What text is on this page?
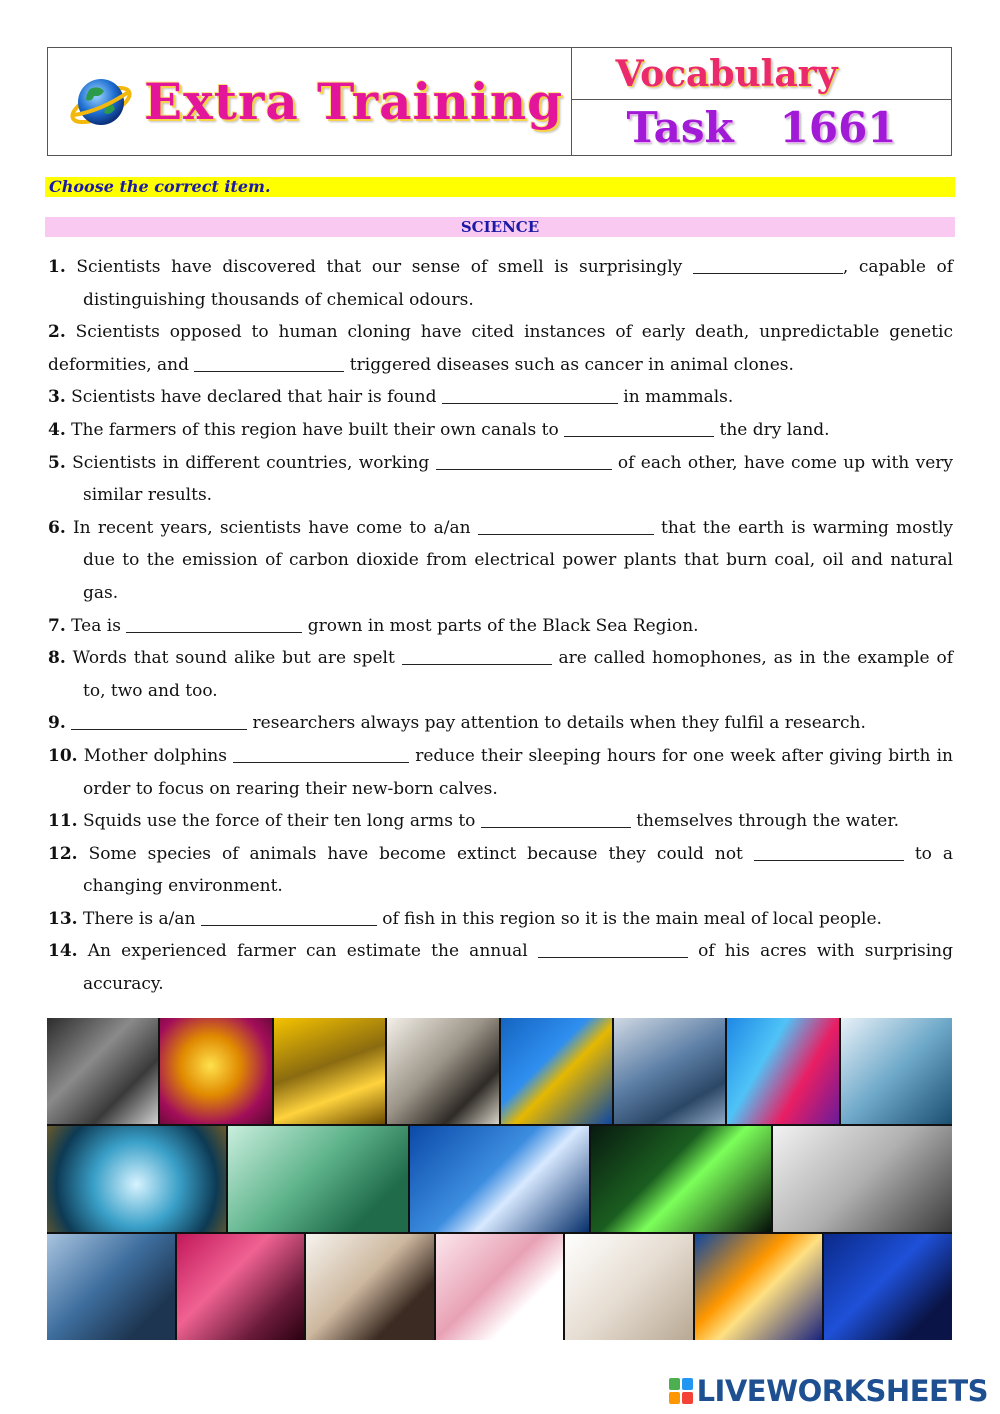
Extra Training Vocabulary
Task 1661
Choose the correct item.
SCIENCE
1. Scientists have discovered that our sense of smell is surprisingly	, capable of distinguishing thousands of chemical odours.
2. Scientists opposed to human cloning have cited instances of early death, unpredictable genetic deformities, and	triggered diseases such as cancer in animal clones.
3. Scientists have declared that hair is found	in mammals.
4. The farmers of this region have built their own canals to	the dry land.
5. Scientists in different countries, working	of each other, have come up with very similar results.
6. In recent years, scientists have come to a/an	that the earth is warming mostly due to the emission of carbon dioxide from electrical power plants that burn coal, oil and natural gas.
7. Tea is	grown in most parts of the Black Sea Region.
8. Words that sound alike but are spelt	are called homophones, as in the example of to, two and too.
9.	researchers always pay attention to details when they fulfil a research.
10. Mother dolphins	reduce their sleeping hours for one week after giving birth in order to focus on rearing their new-born calves.
11. Squids use the force of their ten long arms to	themselves through the water.
12. Some species of animals have become extinct because they could not	to a changing environment.
13. There is a/an	of fish in this region so it is the main meal of local people.
14. An experienced farmer can estimate the annual	of his acres with surprising accuracy.
LIVEWORKSHEETS
